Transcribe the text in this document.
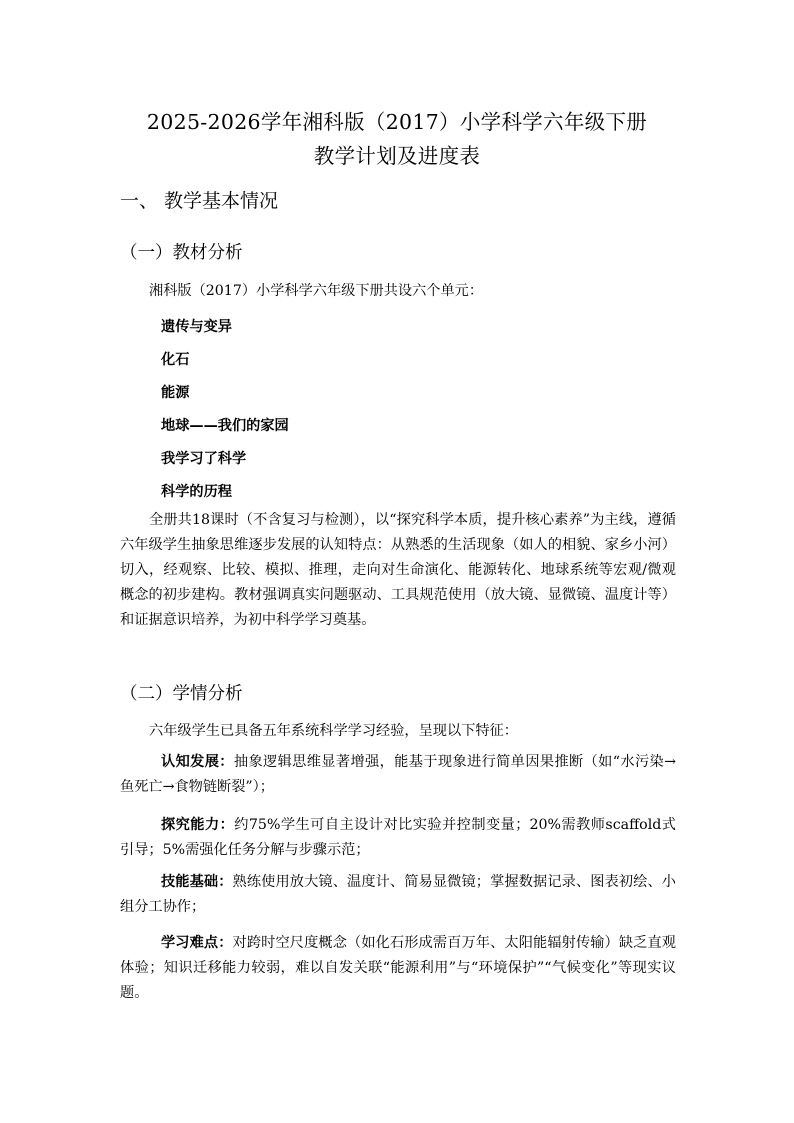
2025-2026学年湘科版（2017）小学科学六年级下册
教学计划及进度表
一、 教学基本情况
（一）教材分析
湘科版（2017）小学科学六年级下册共设六个单元：
遗传与变异
化石
能源
地球——我们的家园
我学习了科学
科学的历程
全册共18课时（不含复习与检测），以“探究科学本质，提升核心素养”为主线，遵循六年级学生抽象思维逐步发展的认知特点：从熟悉的生活现象（如人的相貌、家乡小河）切入，经观察、比较、模拟、推理，走向对生命演化、能源转化、地球系统等宏观/微观概念的初步建构。教材强调真实问题驱动、工具规范使用（放大镜、显微镜、温度计等）和证据意识培养，为初中科学学习奠基。
（二）学情分析
六年级学生已具备五年系统科学学习经验，呈现以下特征：
认知发展：抽象逻辑思维显著增强，能基于现象进行简单因果推断（如“水污染→鱼死亡→食物链断裂”）；
探究能力：约75%学生可自主设计对比实验并控制变量；20%需教师scaffold式引导；5%需强化任务分解与步骤示范；
技能基础：熟练使用放大镜、温度计、简易显微镜；掌握数据记录、图表初绘、小组分工协作；
学习难点：对跨时空尺度概念（如化石形成需百万年、太阳能辐射传输）缺乏直观体验；知识迁移能力较弱，难以自发关联“能源利用”与“环境保护”“气候变化”等现实议题。
